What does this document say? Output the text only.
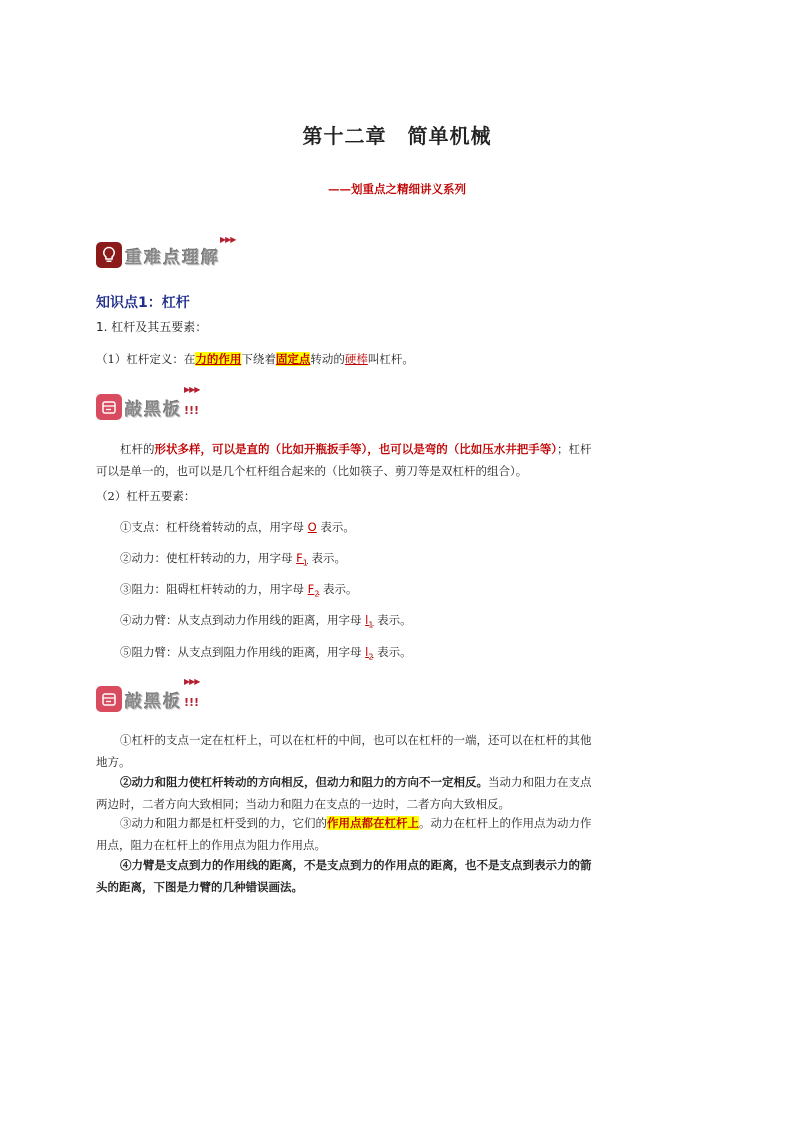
第十二章　简单机械
——划重点之精细讲义系列
重难点理解
▶▶▶
知识点1：杠杆
1. 杠杆及其五要素：
（1）杠杆定义：在力的作用下绕着固定点转动的硬棒叫杠杆。
敲黑板 !!!
▶▶▶
杠杆的形状多样，可以是直的（比如开瓶扳手等），也可以是弯的（比如压水井把手等）；杠杆
可以是单一的，也可以是几个杠杆组合起来的（比如筷子、剪刀等是双杠杆的组合）。
（2）杠杆五要素：
①支点：杠杆绕着转动的点，用字母 O 表示。
②动力：使杠杆转动的力，用字母 $F_1$ 表示。
③阻力：阻碍杠杆转动的力，用字母 $F_2$ 表示。
④动力臂：从支点到动力作用线的距离，用字母 $l_1$ 表示。
⑤阻力臂：从支点到阻力作用线的距离，用字母 $l_2$ 表示。
敲黑板 !!!
▶▶▶
①杠杆的支点一定在杠杆上，可以在杠杆的中间，也可以在杠杆的一端，还可以在杠杆的其他
地方。
②动力和阻力使杠杆转动的方向相反，但动力和阻力的方向不一定相反。当动力和阻力在支点
两边时，二者方向大致相同；当动力和阻力在支点的一边时，二者方向大致相反。
③动力和阻力都是杠杆受到的力，它们的作用点都在杠杆上。动力在杠杆上的作用点为动力作
用点，阻力在杠杆上的作用点为阻力作用点。
④力臂是支点到力的作用线的距离，不是支点到力的作用点的距离，也不是支点到表示力的箭
头的距离，下图是力臂的几种错误画法。
